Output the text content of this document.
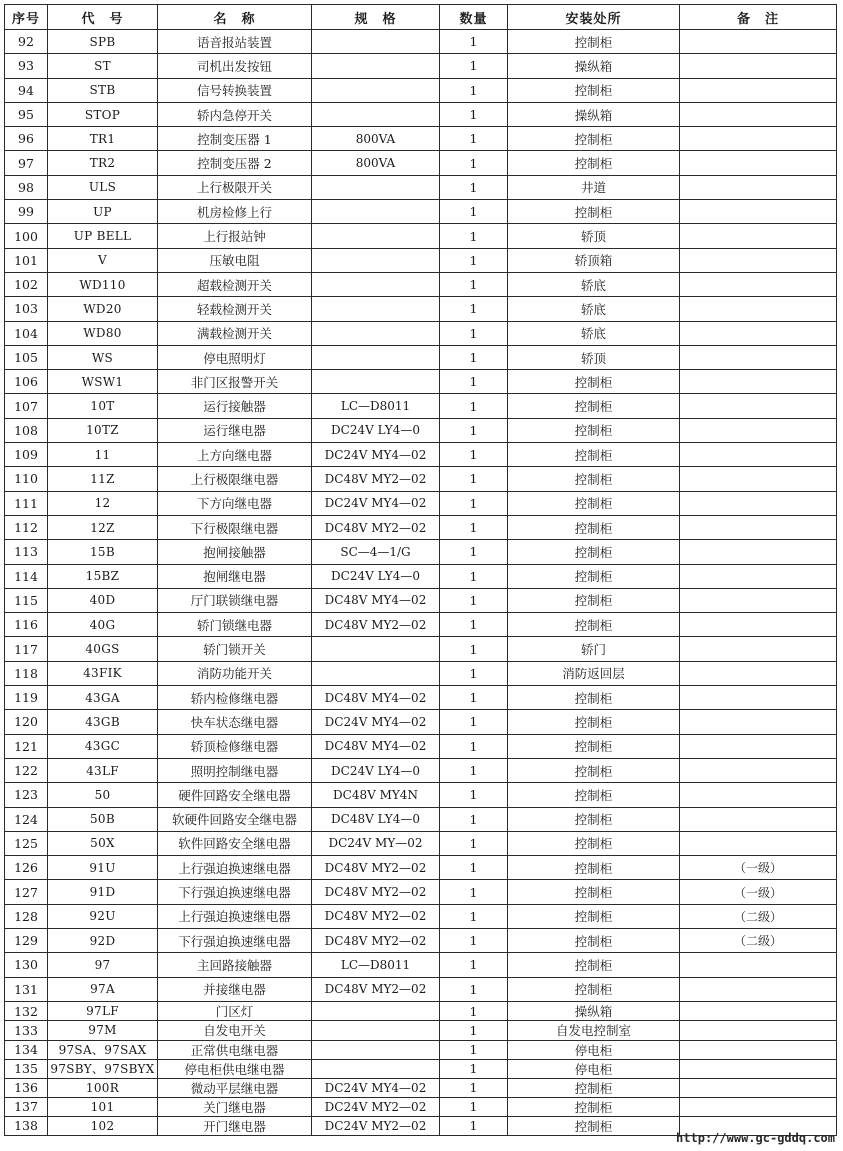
序号	代　号	名　称	规　格	数量	安装处所	备　注
92	SPB	语音报站装置		1	控制柜	
93	ST	司机出发按钮		1	操纵箱	
94	STB	信号转换装置		1	控制柜	
95	STOP	轿内急停开关		1	操纵箱	
96	TR1	控制变压器 1	800VA	1	控制柜	
97	TR2	控制变压器 2	800VA	1	控制柜	
98	ULS	上行极限开关		1	井道	
99	UP	机房检修上行		1	控制柜	
100	UP BELL	上行报站钟		1	轿顶	
101	V	压敏电阻		1	轿顶箱	
102	WD110	超载检测开关		1	轿底	
103	WD20	轻载检测开关		1	轿底	
104	WD80	满载检测开关		1	轿底	
105	WS	停电照明灯		1	轿顶	
106	WSW1	非门区报警开关		1	控制柜	
107	10T	运行接触器	LC—D8011	1	控制柜	
108	10TZ	运行继电器	DC24V LY4—0	1	控制柜	
109	11	上方向继电器	DC24V MY4—02	1	控制柜	
110	11Z	上行极限继电器	DC48V MY2—02	1	控制柜	
111	12	下方向继电器	DC24V MY4—02	1	控制柜	
112	12Z	下行极限继电器	DC48V MY2—02	1	控制柜	
113	15B	抱闸接触器	SC—4—1/G	1	控制柜	
114	15BZ	抱闸继电器	DC24V LY4—0	1	控制柜	
115	40D	厅门联锁继电器	DC48V MY4—02	1	控制柜	
116	40G	轿门锁继电器	DC48V MY2—02	1	控制柜	
117	40GS	轿门锁开关		1	轿门	
118	43FIK	消防功能开关		1	消防返回层	
119	43GA	轿内检修继电器	DC48V MY4—02	1	控制柜	
120	43GB	快车状态继电器	DC24V MY4—02	1	控制柜	
121	43GC	轿顶检修继电器	DC48V MY4—02	1	控制柜	
122	43LF	照明控制继电器	DC24V LY4—0	1	控制柜	
123	50	硬件回路安全继电器	DC48V MY4N	1	控制柜	
124	50B	软硬件回路安全继电器	DC48V LY4—0	1	控制柜	
125	50X	软件回路安全继电器	DC24V MY—02	1	控制柜	
126	91U	上行强迫换速继电器	DC48V MY2—02	1	控制柜	（一级）
127	91D	下行强迫换速继电器	DC48V MY2—02	1	控制柜	（一级）
128	92U	上行强迫换速继电器	DC48V MY2—02	1	控制柜	（二级）
129	92D	下行强迫换速继电器	DC48V MY2—02	1	控制柜	（二级）
130	97	主回路接触器	LC—D8011	1	控制柜	
131	97A	并接继电器	DC48V MY2—02	1	控制柜	
132	97LF	门区灯		1	操纵箱	
133	97M	自发电开关		1	自发电控制室	
134	97SA、97SAX	正常供电继电器		1	停电柜	
135	97SBY、97SBYX	停电柜供电继电器		1	停电柜	
136	100R	微动平层继电器	DC24V MY4—02	1	控制柜	
137	101	关门继电器	DC24V MY2—02	1	控制柜	
138	102	开门继电器	DC24V MY2—02	1	控制柜	
http://www.gc-gddq.com
